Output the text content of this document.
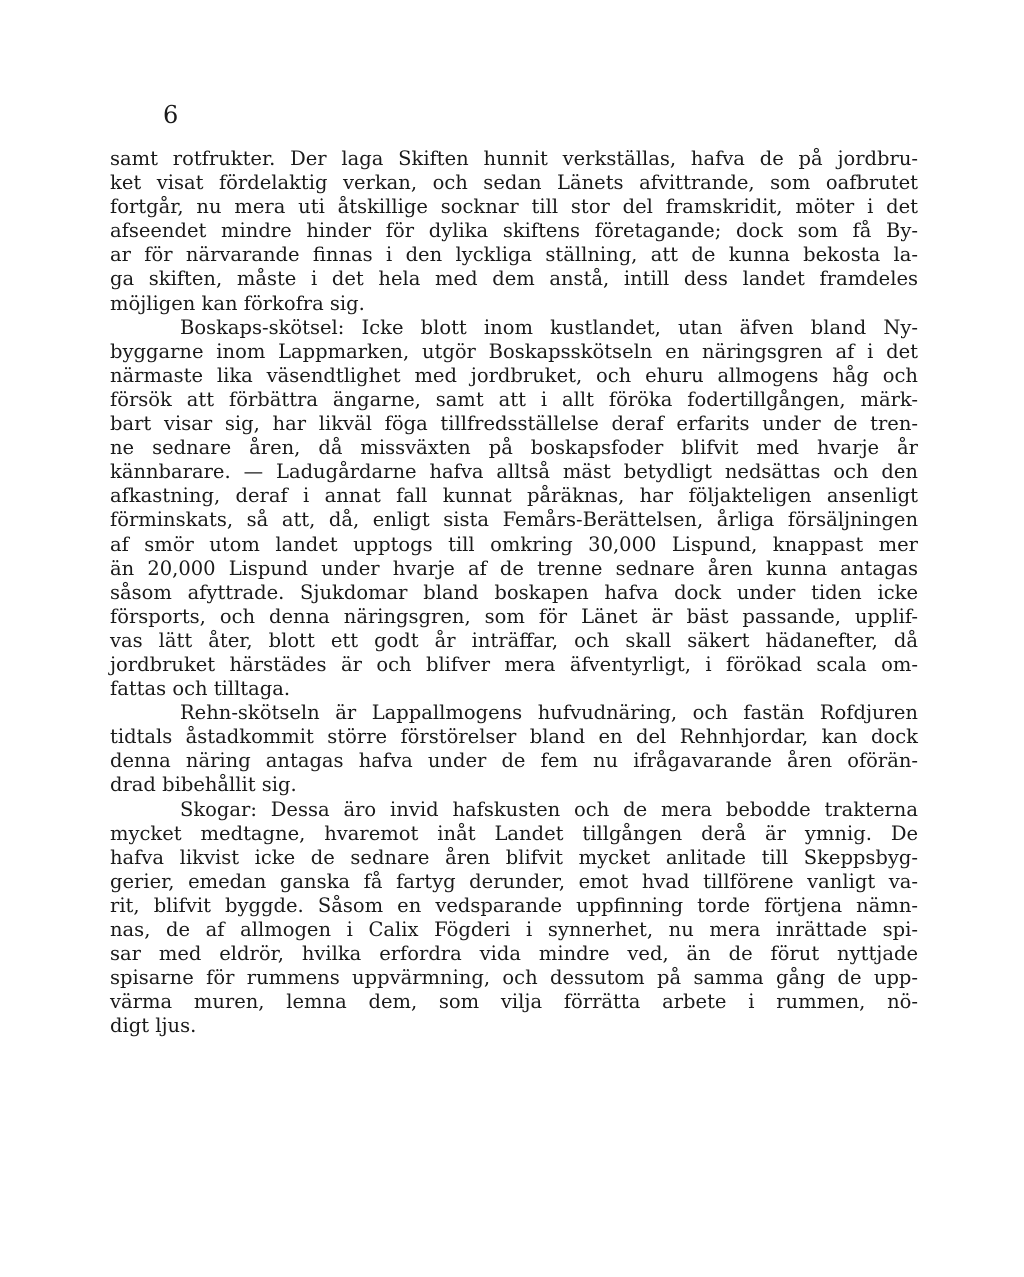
6
samt rotfrukter. Der laga Skiften hunnit verkställas, hafva de på jordbru-
ket visat fördelaktig verkan, och sedan Länets afvittrande, som oafbrutet
fortgår, nu mera uti åtskillige socknar till stor del framskridit, möter i det
afseendet mindre hinder för dylika skiftens företagande; dock som få By-
ar för närvarande finnas i den lyckliga ställning, att de kunna bekosta la-
ga skiften, måste i det hela med dem anstå, intill dess landet framdeles
möjligen kan förkofra sig.
Boskaps-skötsel: Icke blott inom kustlandet, utan äfven bland Ny-
byggarne inom Lappmarken, utgör Boskapsskötseln en näringsgren af i det
närmaste lika väsendtlighet med jordbruket, och ehuru allmogens håg och
försök att förbättra ängarne, samt att i allt föröka fodertillgången, märk-
bart visar sig, har likväl föga tillfredsställelse deraf erfarits under de tren-
ne sednare åren, då missväxten på boskapsfoder blifvit med hvarje år
kännbarare. — Ladugårdarne hafva alltså mäst betydligt nedsättas och den
afkastning, deraf i annat fall kunnat påräknas, har följakteligen ansenligt
förminskats, så att, då, enligt sista Femårs-Berättelsen, årliga försäljningen
af smör utom landet upptogs till omkring 30,000 Lispund, knappast mer
än 20,000 Lispund under hvarje af de trenne sednare åren kunna antagas
såsom afyttrade. Sjukdomar bland boskapen hafva dock under tiden icke
försports, och denna näringsgren, som för Länet är bäst passande, upplif-
vas lätt åter, blott ett godt år inträffar, och skall säkert hädanefter, då
jordbruket härstädes är och blifver mera äfventyrligt, i förökad scala om-
fattas och tilltaga.
Rehn-skötseln är Lappallmogens hufvudnäring, och fastän Rofdjuren
tidtals åstadkommit större förstörelser bland en del Rehnhjordar, kan dock
denna näring antagas hafva under de fem nu ifrågavarande åren oförän-
drad bibehållit sig.
Skogar: Dessa äro invid hafskusten och de mera bebodde trakterna
mycket medtagne, hvaremot inåt Landet tillgången derå är ymnig. De
hafva likvist icke de sednare åren blifvit mycket anlitade till Skeppsbyg-
gerier, emedan ganska få fartyg derunder, emot hvad tillförene vanligt va-
rit, blifvit byggde. Såsom en vedsparande uppfinning torde förtjena nämn-
nas, de af allmogen i Calix Fögderi i synnerhet, nu mera inrättade spi-
sar med eldrör, hvilka erfordra vida mindre ved, än de förut nyttjade
spisarne för rummens uppvärmning, och dessutom på samma gång de upp-
värma muren, lemna dem, som vilja förrätta arbete i rummen, nö-
digt ljus.
